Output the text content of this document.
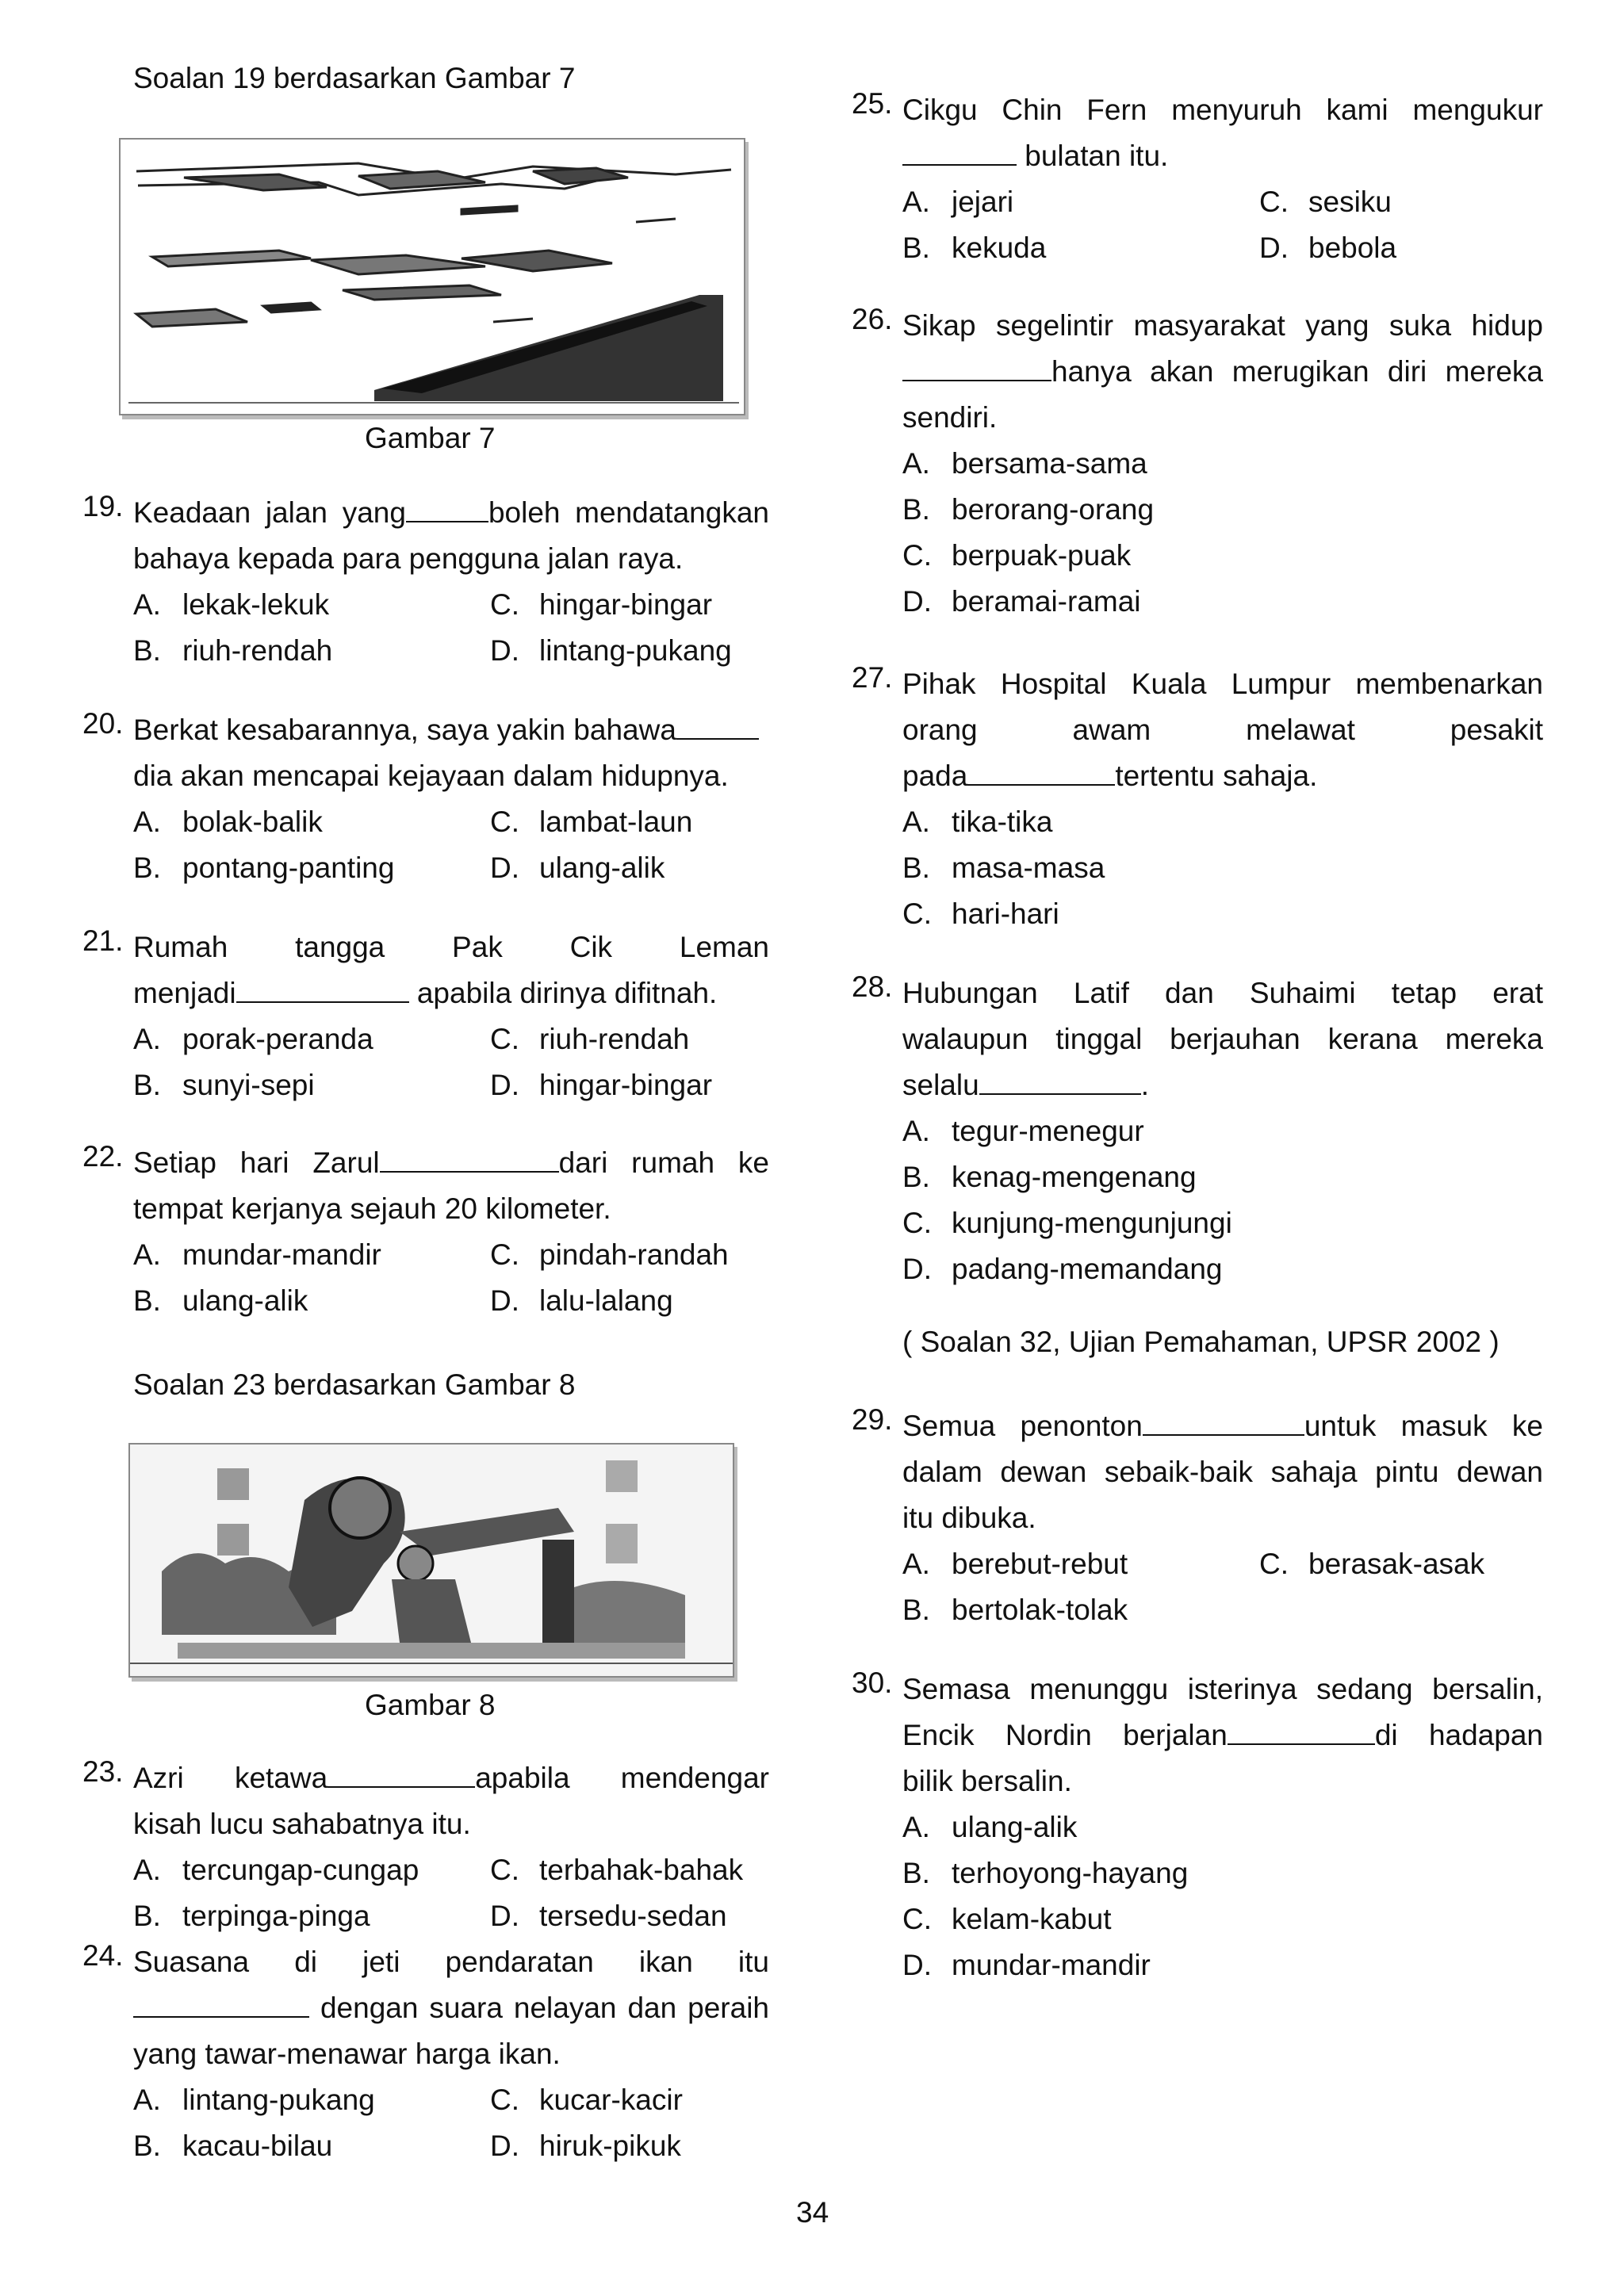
Soalan 19 berdasarkan Gambar 7
Gambar 7
19. Keadaan jalan yang	boleh mendatangkan
bahaya kepada para pengguna jalan raya.
A. lekak-lekuk	C. hingar-bingar
B. riuh-rendah	D. lintang-pukang
20. Berkat kesabarannya, saya yakin bahawa
dia akan mencapai kejayaan dalam hidupnya.
A. bolak-balik	C. lambat-laun
B. pontang-panting	D. ulang-alik
21. Rumah tangga Pak Cik Leman
menjadi	apabila dirinya difitnah.
A. porak-peranda	C. riuh-rendah
B. sunyi-sepi	D. hingar-bingar
22. Setiap hari Zarul	dari rumah ke
tempat kerjanya sejauh 20 kilometer.
A. mundar-mandir	C. pindah-randah
B. ulang-alik	D. lalu-lalang
Soalan 23 berdasarkan Gambar 8
Gambar 8
23. Azri ketawa	apabila mendengar
kisah lucu sahabatnya itu.
A. tercungap-cungap C. terbahak-bahak
B. terpinga-pinga	D. tersedu-sedan
24. Suasana di jeti pendaratan ikan itu
dengan suara nelayan dan peraih
yang tawar-menawar harga ikan.
A. lintang-pukang	C. kucar-kacir
B. kacau-bilau	D. hiruk-pikuk
25. Cikgu Chin Fern menyuruh kami mengukur
bulatan itu.
A. jejari	C. sesiku
B. kekuda	D. bebola
26. Sikap segelintir masyarakat yang suka hidup
hanya akan merugikan diri mereka
sendiri.
A. bersama-sama
B. berorang-orang
C. berpuak-puak
D. beramai-ramai
27. Pihak Hospital Kuala Lumpur membenarkan
orang awam melawat pesakit
pada	tertentu sahaja.
A. tika-tika
B. masa-masa
C. hari-hari
28. Hubungan Latif dan Suhaimi tetap erat
walaupun tinggal berjauhan kerana mereka
selalu	.
A. tegur-menegur
B. kenag-mengenang
C. kunjung-mengunjungi
D. padang-memandang
( Soalan 32, Ujian Pemahaman, UPSR 2002 )
29. Semua penonton	untuk masuk ke
dalam dewan sebaik-baik sahaja pintu dewan
itu dibuka.
A. berebut-rebut	C. berasak-asak
B. bertolak-tolak
30. Semasa menunggu isterinya sedang bersalin,
Encik Nordin berjalan	di hadapan
bilik bersalin.
A. ulang-alik
B. terhoyong-hayang
C. kelam-kabut
D. mundar-mandir
34
